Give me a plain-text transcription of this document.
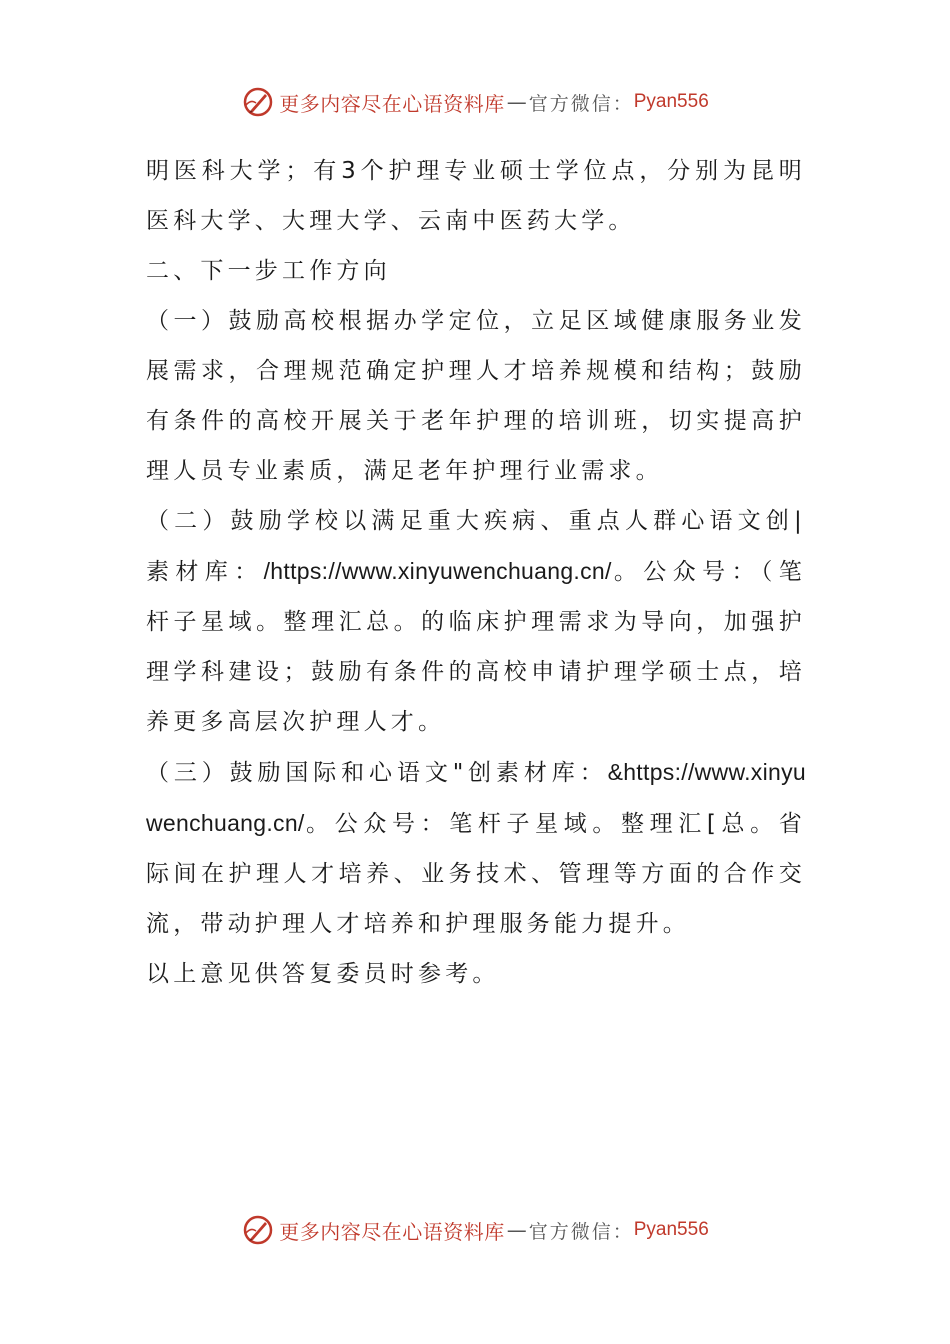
更多内容尽在心语资料库 — 官方微信： Pyan556

明医科大学；有3个护理专业硕士学位点，分别为昆明医科大学、大理大学、云南中医药大学。

二、下一步工作方向

（一）鼓励高校根据办学定位，立足区域健康服务业发展需求，合理规范确定护理人才培养规模和结构；鼓励有条件的高校开展关于老年护理的培训班，切实提高护理人员专业素质，满足老年护理行业需求。

（二）鼓励学校以满足重大疾病、重点人群心语文创|素材库：/https://www.xinyuwenchuang.cn/。公众号：（笔杆子星域。整理汇总。的临床护理需求为导向，加强护理学科建设；鼓励有条件的高校申请护理学硕士点，培养更多高层次护理人才。

（三）鼓励国际和心语文"创素材库：&https://www.xinyuwenchuang.cn/。公众号：笔杆子星域。整理汇[总。省际间在护理人才培养、业务技术、管理等方面的合作交流，带动护理人才培养和护理服务能力提升。

以上意见供答复委员时参考。

更多内容尽在心语资料库 — 官方微信： Pyan556
